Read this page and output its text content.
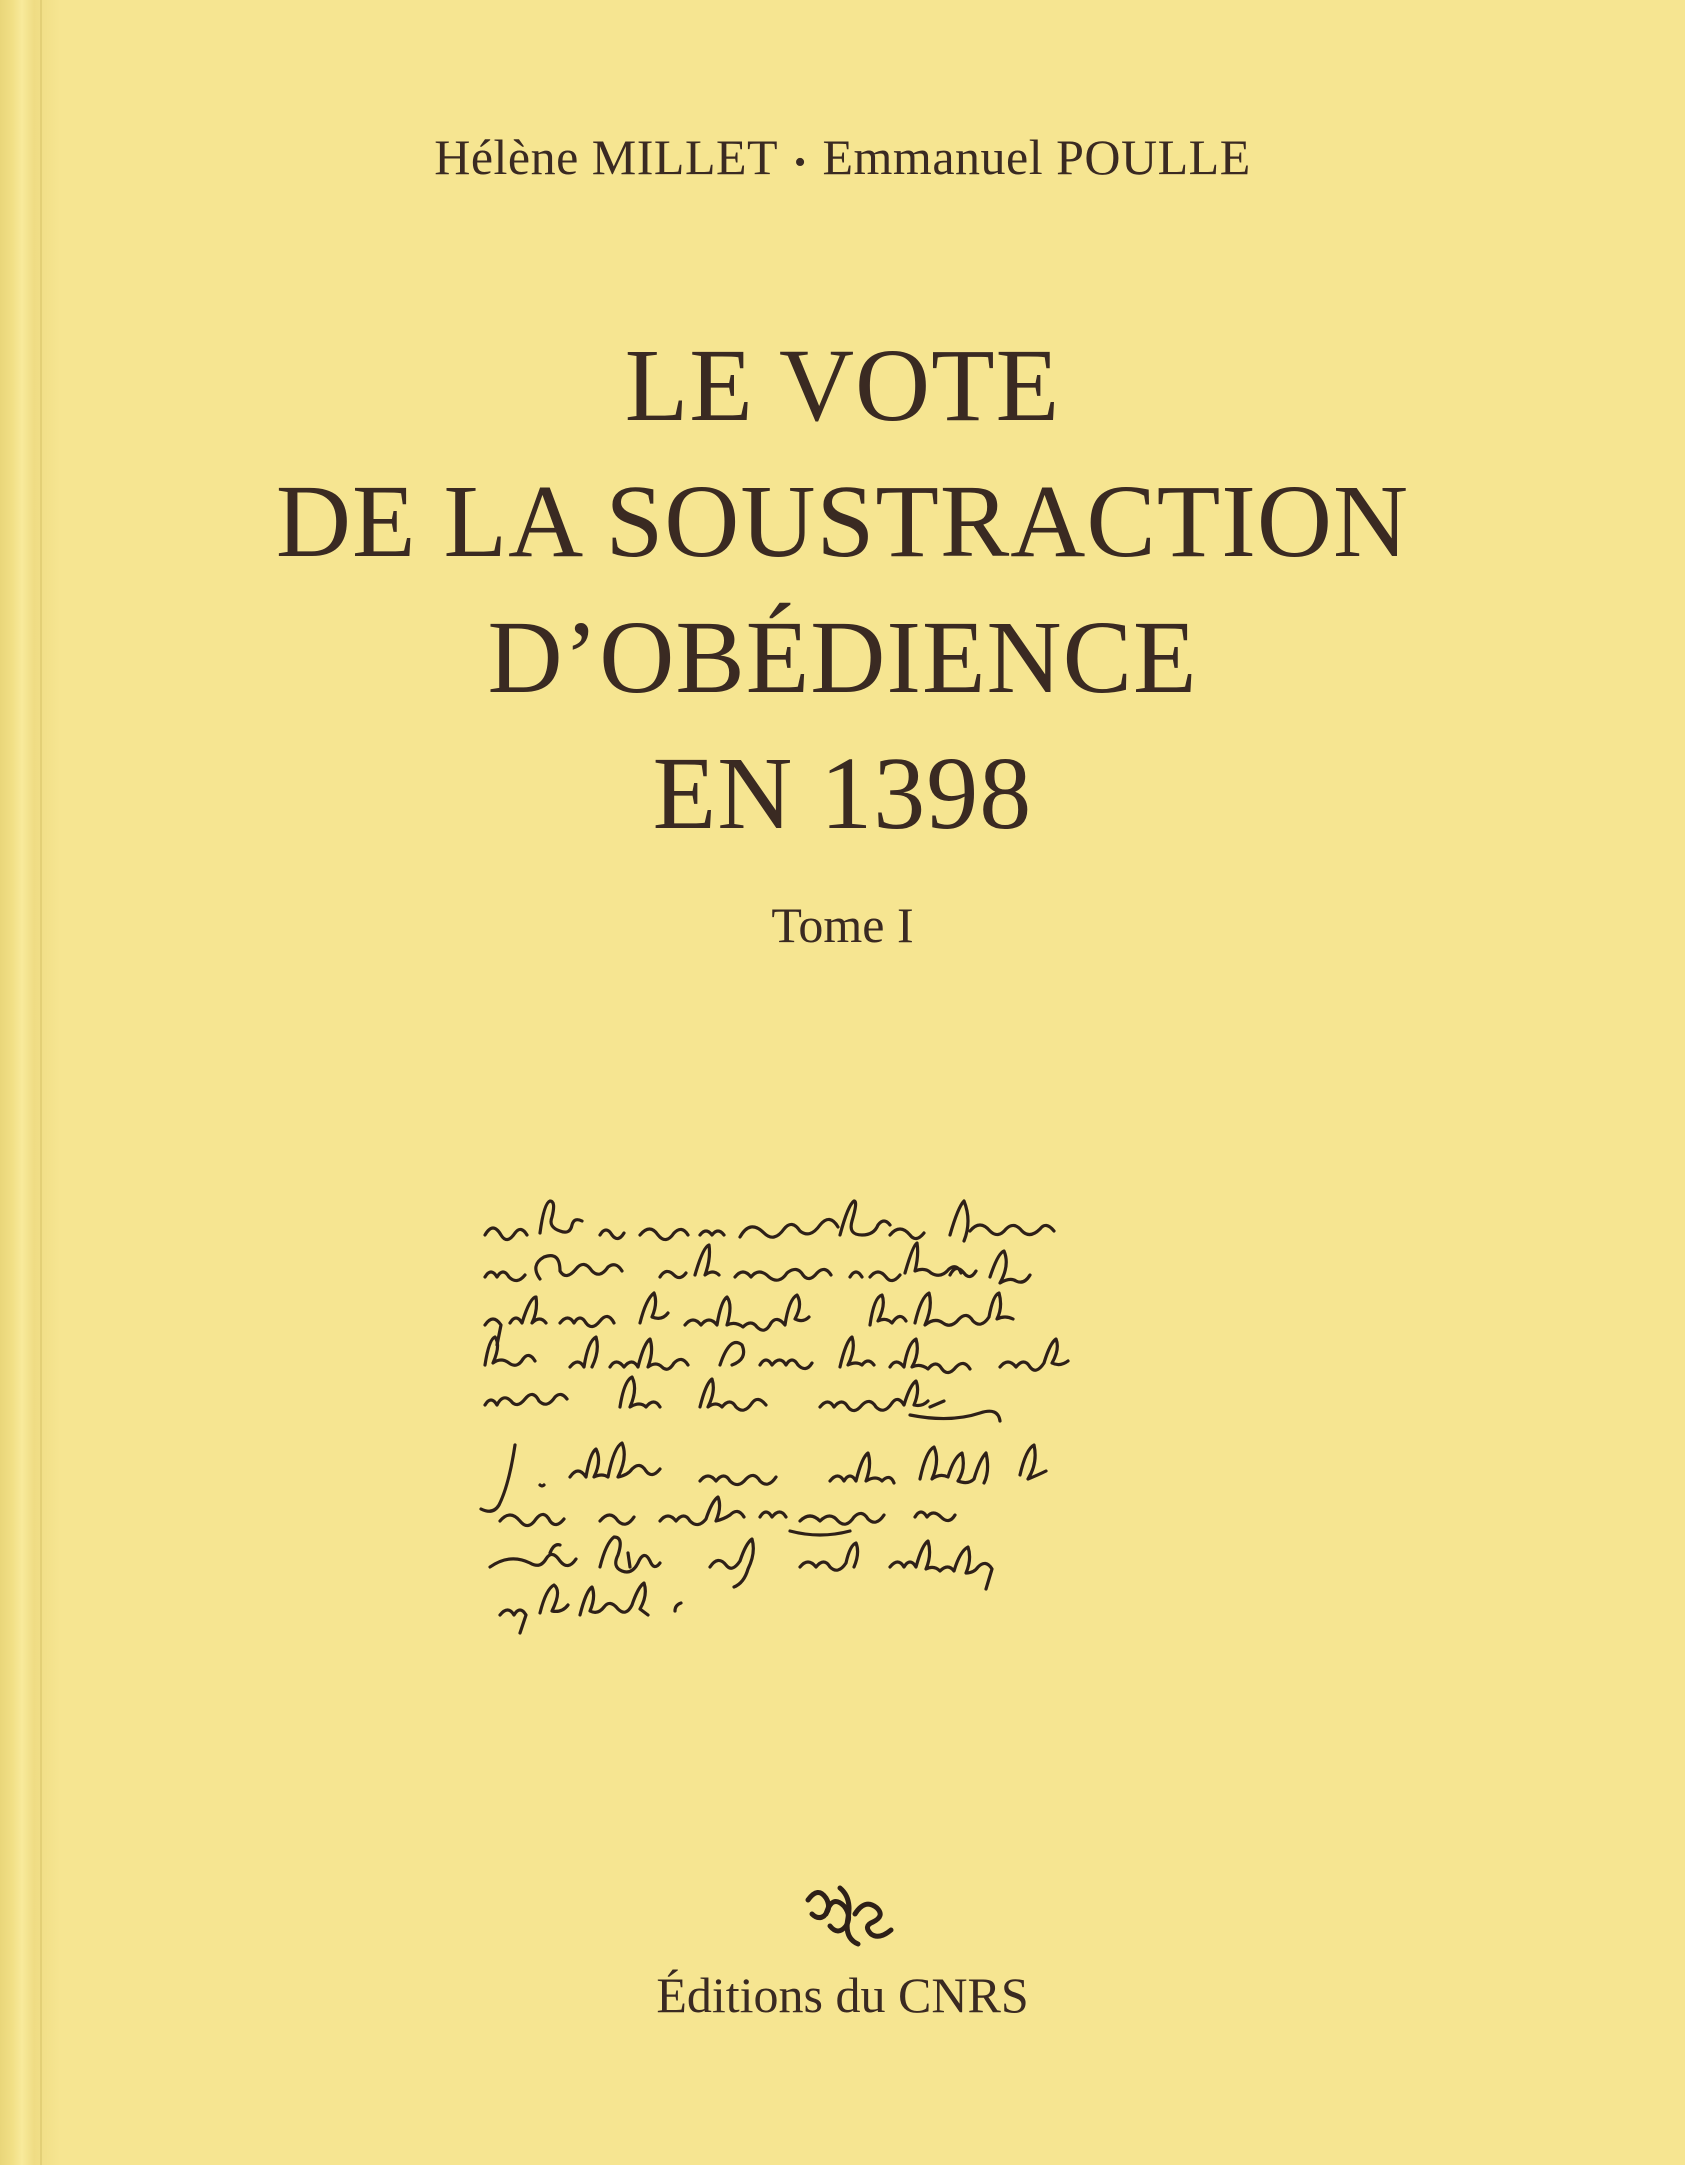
Hélène MILLET • Emmanuel POULLE
LE VOTE
DE LA SOUSTRACTION
D’OBÉDIENCE
EN 1398
Tome I
Éditions du CNRS
